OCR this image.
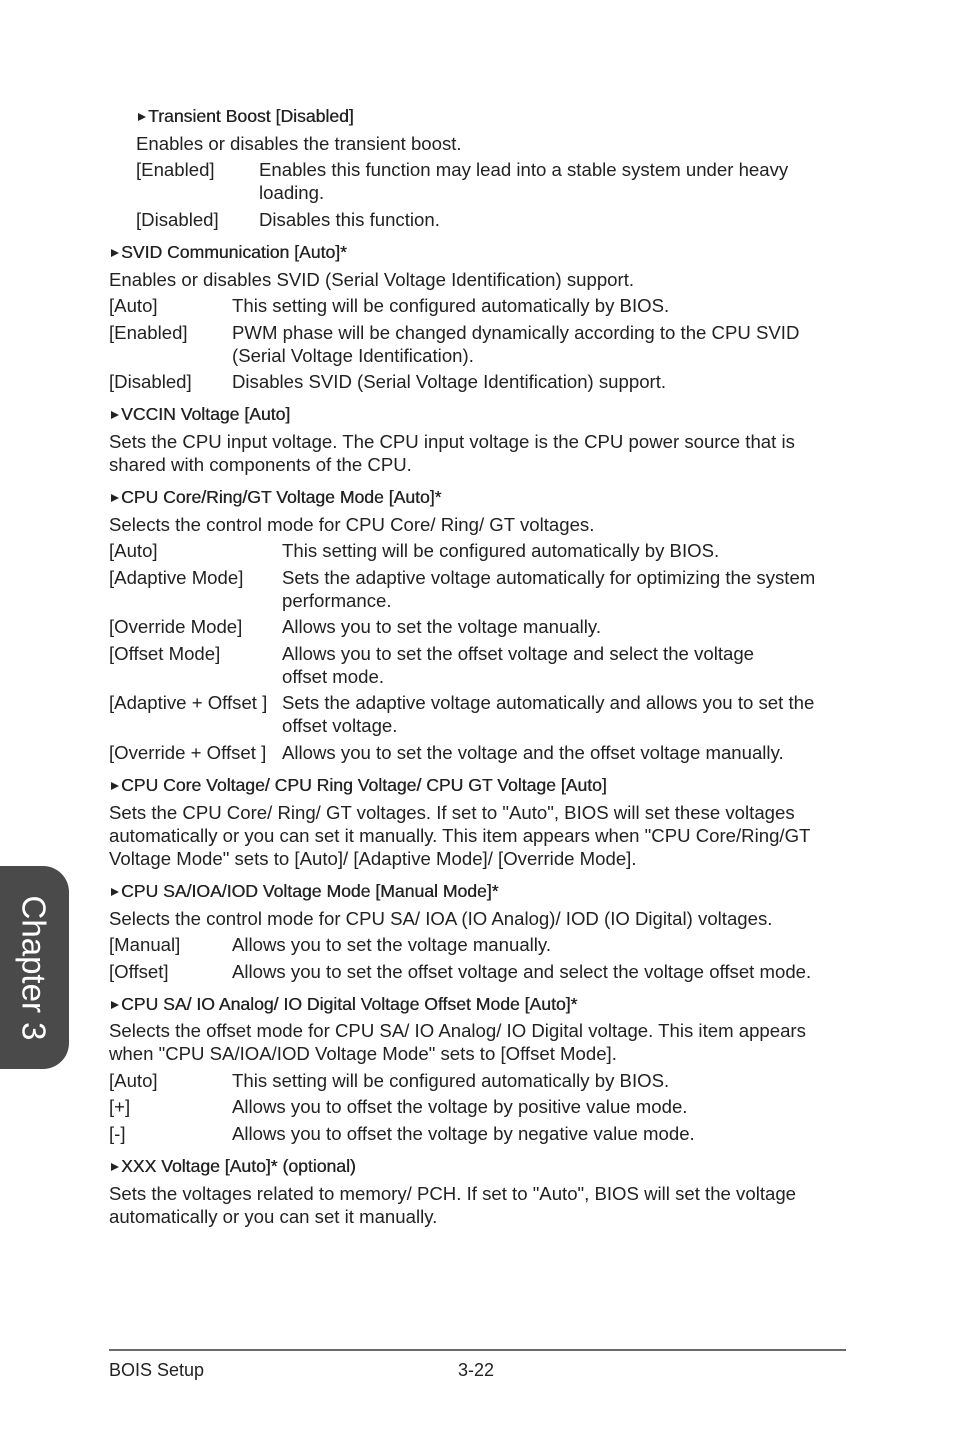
Chapter 3
Transient Boost [Disabled]
Enables or disables the transient boost.
[Enabled] Enables this function may lead into a stable system under heavy
loading.
[Disabled] Disables this function.
SVID Communication [Auto]*
Enables or disables SVID (Serial Voltage Identification) support.
[Auto]	This setting will be configured automatically by BIOS.
[Enabled] PWM phase will be changed dynamically according to the CPU SVID
(Serial Voltage Identification).
[Disabled] Disables SVID (Serial Voltage Identification) support.
VCCIN Voltage [Auto]
Sets the CPU input voltage. The CPU input voltage is the CPU power source that is
shared with components of the CPU.
CPU Core/Ring/GT Voltage Mode [Auto]*
Selects the control mode for CPU Core/ Ring/ GT voltages.
[Auto]	This setting will be configured automatically by BIOS.
[Adaptive Mode] Sets the adaptive voltage automatically for optimizing the system
performance.
[Override Mode] Allows you to set the voltage manually.
[Offset Mode]	Allows you to set the offset voltage and select the voltage
offset mode.
[Adaptive + Offset ] Sets the adaptive voltage automatically and allows you to set the
offset voltage.
[Override + Offset ] Allows you to set the voltage and the offset voltage manually.
CPU Core Voltage/ CPU Ring Voltage/ CPU GT Voltage [Auto]
Sets the CPU Core/ Ring/ GT voltages. If set to "Auto", BIOS will set these voltages
automatically or you can set it manually. This item appears when "CPU Core/Ring/GT
Voltage Mode" sets to [Auto]/ [Adaptive Mode]/ [Override Mode].
CPU SA/IOA/IOD Voltage Mode [Manual Mode]*
Selects the control mode for CPU SA/ IOA (IO Analog)/ IOD (IO Digital) voltages.
[Manual]	Allows you to set the voltage manually.
[Offset]	Allows you to set the offset voltage and select the voltage offset mode.
CPU SA/ IO Analog/ IO Digital Voltage Offset Mode [Auto]*
Selects the offset mode for CPU SA/ IO Analog/ IO Digital voltage. This item appears
when "CPU SA/IOA/IOD Voltage Mode" sets to [Offset Mode].
[Auto]	This setting will be configured automatically by BIOS.
[+]	Allows you to offset the voltage by positive value mode.
[-]	Allows you to offset the voltage by negative value mode.
XXX Voltage [Auto]* (optional)
Sets the voltages related to memory/ PCH. If set to "Auto", BIOS will set the voltage
automatically or you can set it manually.
BOIS Setup	3-22
